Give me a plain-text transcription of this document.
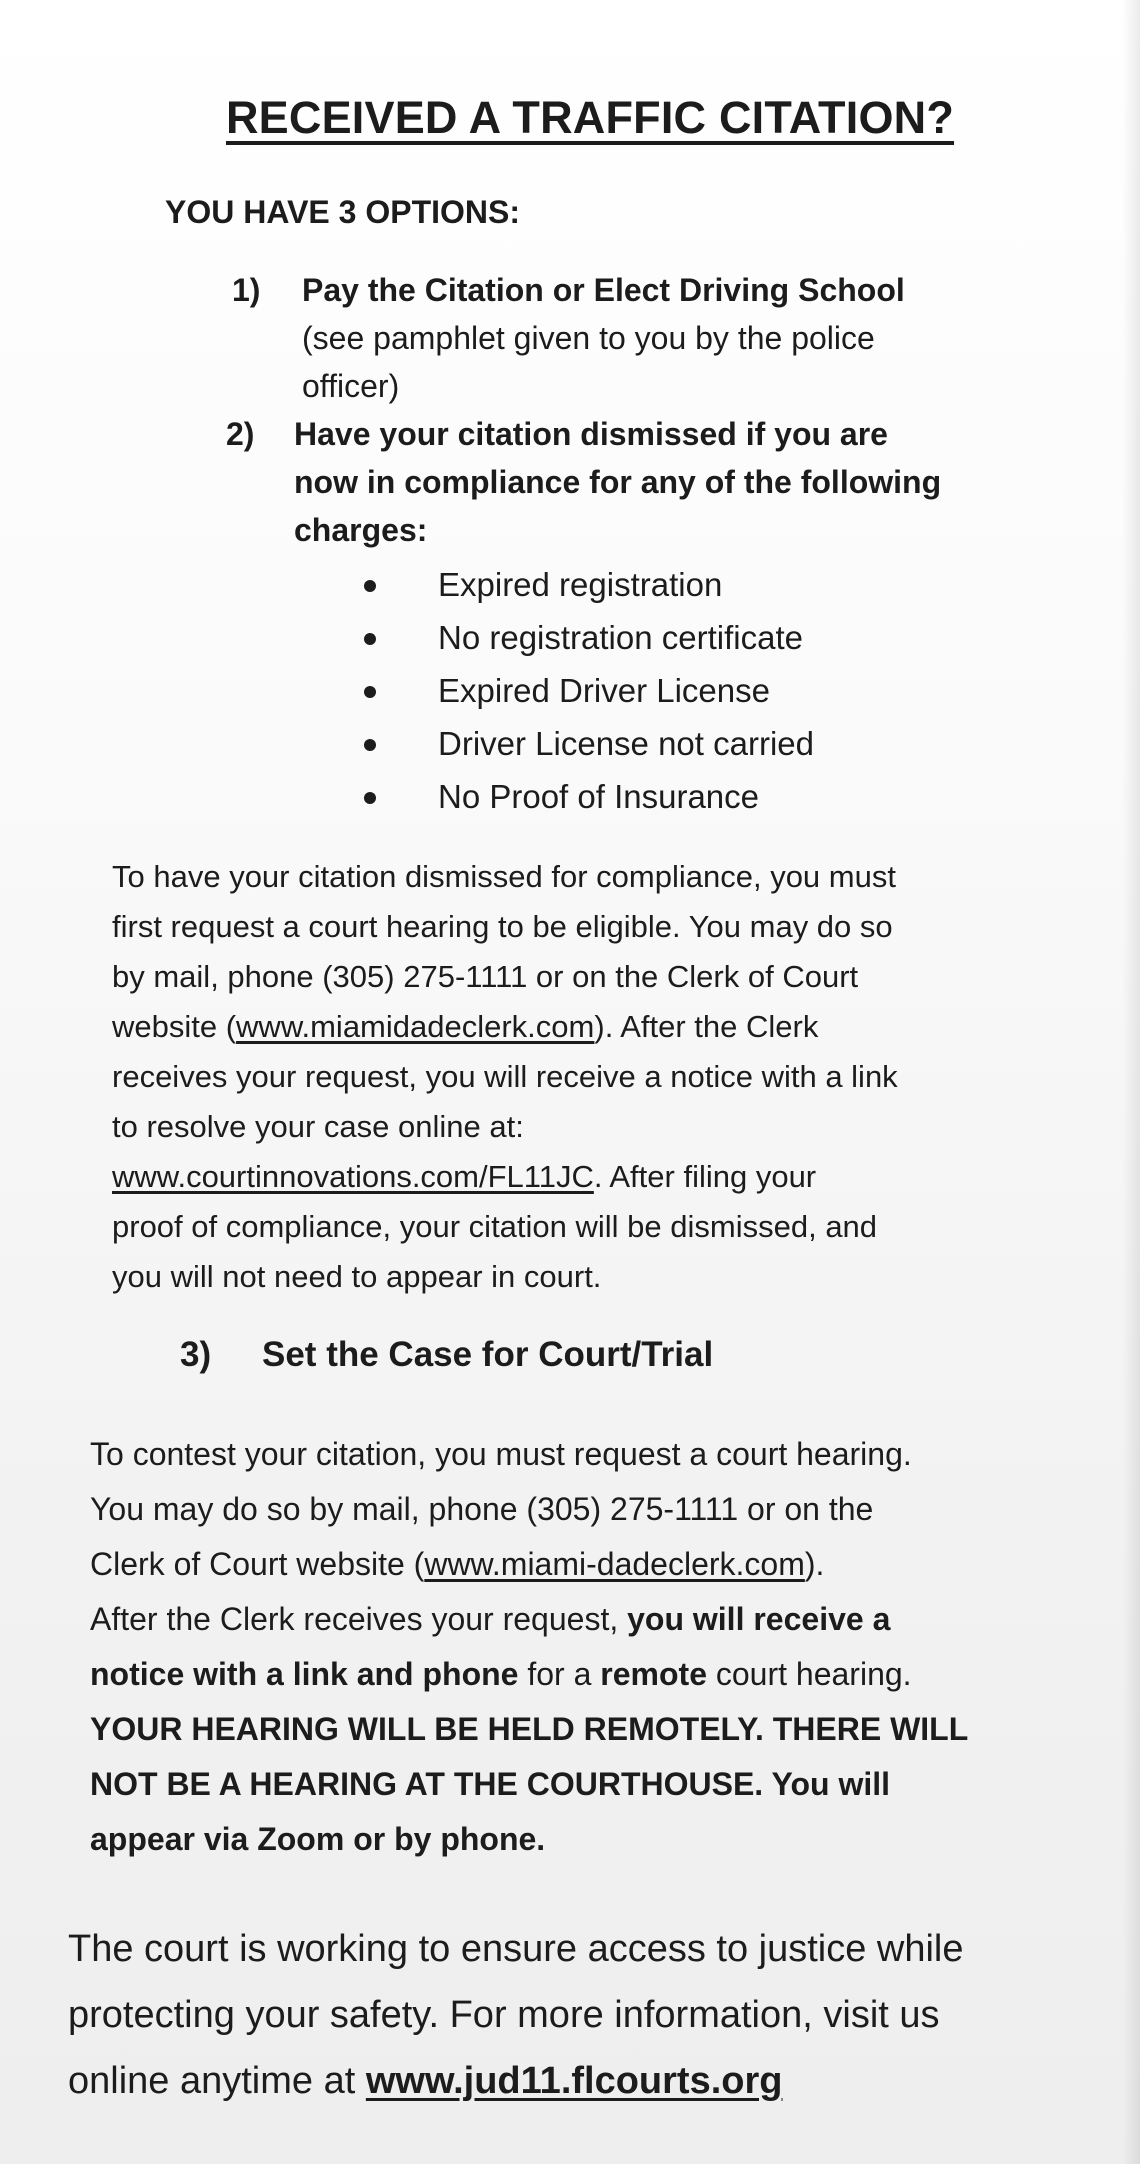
RECEIVED A TRAFFIC CITATION?
YOU HAVE 3 OPTIONS:
1) Pay the Citation or Elect Driving School
(see pamphlet given to you by the police
officer)
2) Have your citation dismissed if you are
now in compliance for any of the following
charges:
Expired registration
No registration certificate
Expired Driver License
Driver License not carried
No Proof of Insurance

To have your citation dismissed for compliance, you must

first request a court hearing to be eligible. You may do so

by mail, phone (305) 275-1111 or on the Clerk of Court

website (www.miamidadeclerk.com). After the Clerk

receives your request, you will receive a notice with a link

to resolve your case online at:

www.courtinnovations.com/FL11JC. After filing your

proof of compliance, your citation will be dismissed, and

you will not need to appear in court.

3) Set the Case for Court/Trial

To contest your citation, you must request a court hearing.

You may do so by mail, phone (305) 275-1111 or on the

Clerk of Court website (www.miami-dadeclerk.com).

After the Clerk receives your request, you will receive a

notice with a link and phone for a remote court hearing.

YOUR HEARING WILL BE HELD REMOTELY. THERE WILL

NOT BE A HEARING AT THE COURTHOUSE. You will

appear via Zoom or by phone.

The court is working to ensure access to justice while

protecting your safety. For more information, visit us

online anytime at www.jud11.flcourts.org
